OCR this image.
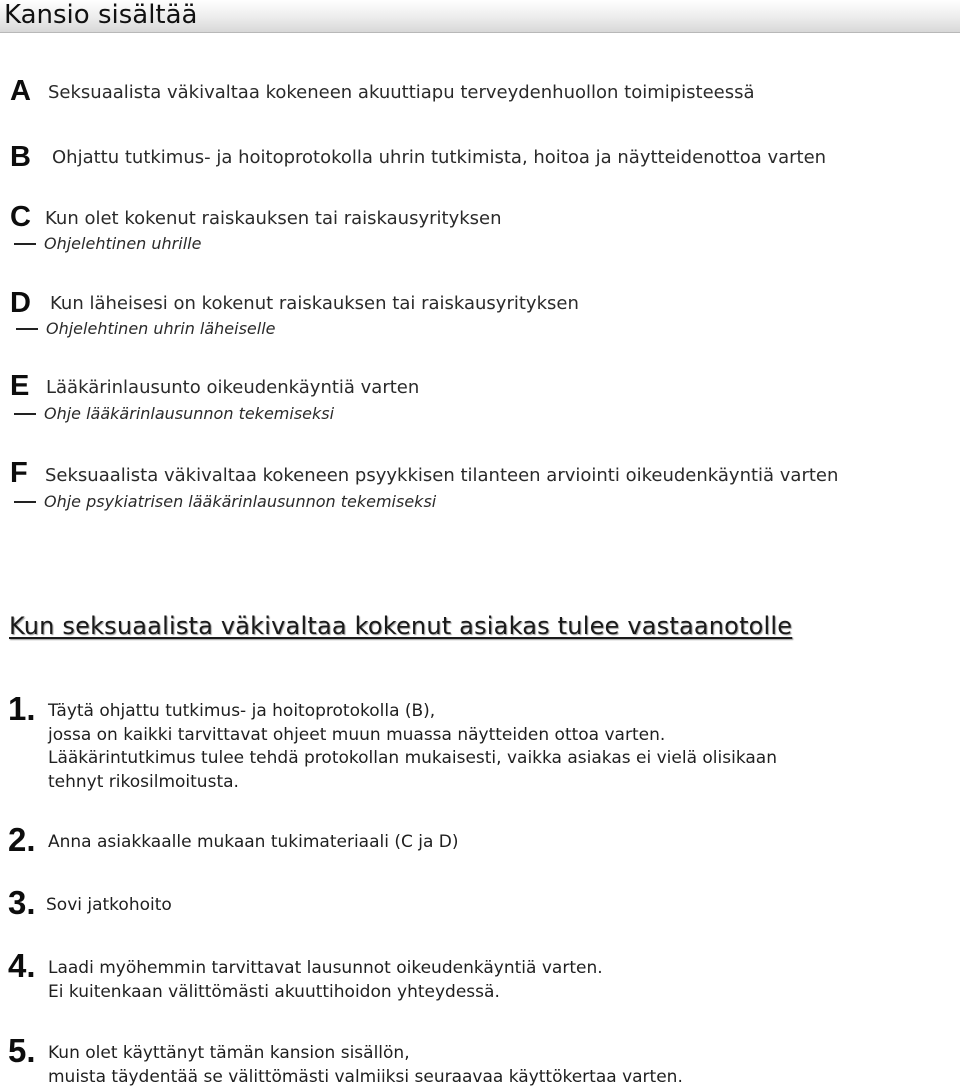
Kansio sisältää
A Seksuaalista väkivaltaa kokeneen akuuttiapu terveydenhuollon toimipisteessä
B Ohjattu tutkimus- ja hoitoprotokolla uhrin tutkimista, hoitoa ja näytteidenottoa varten
C Kun olet kokenut raiskauksen tai raiskausyrityksen
Ohjelehtinen uhrille
D Kun läheisesi on kokenut raiskauksen tai raiskausyrityksen
Ohjelehtinen uhrin läheiselle
E Lääkärinlausunto oikeudenkäyntiä varten
Ohje lääkärinlausunnon tekemiseksi
F Seksuaalista väkivaltaa kokeneen psyykkisen tilanteen arviointi oikeudenkäyntiä varten
Ohje psykiatrisen lääkärinlausunnon tekemiseksi
Kun seksuaalista väkivaltaa kokenut asiakas tulee vastaanotolle
1. Täytä ohjattu tutkimus- ja hoitoprotokolla (B),
jossa on kaikki tarvittavat ohjeet muun muassa näytteiden ottoa varten.
Lääkärintutkimus tulee tehdä protokollan mukaisesti, vaikka asiakas ei vielä olisikaan
tehnyt rikosilmoitusta.
2. Anna asiakkaalle mukaan tukimateriaali (C ja D)
3. Sovi jatkohoito
4. Laadi myöhemmin tarvittavat lausunnot oikeudenkäyntiä varten.
Ei kuitenkaan välittömästi akuuttihoidon yhteydessä.
5. Kun olet käyttänyt tämän kansion sisällön,
muista täydentää se välittömästi valmiiksi seuraavaa käyttökertaa varten.
